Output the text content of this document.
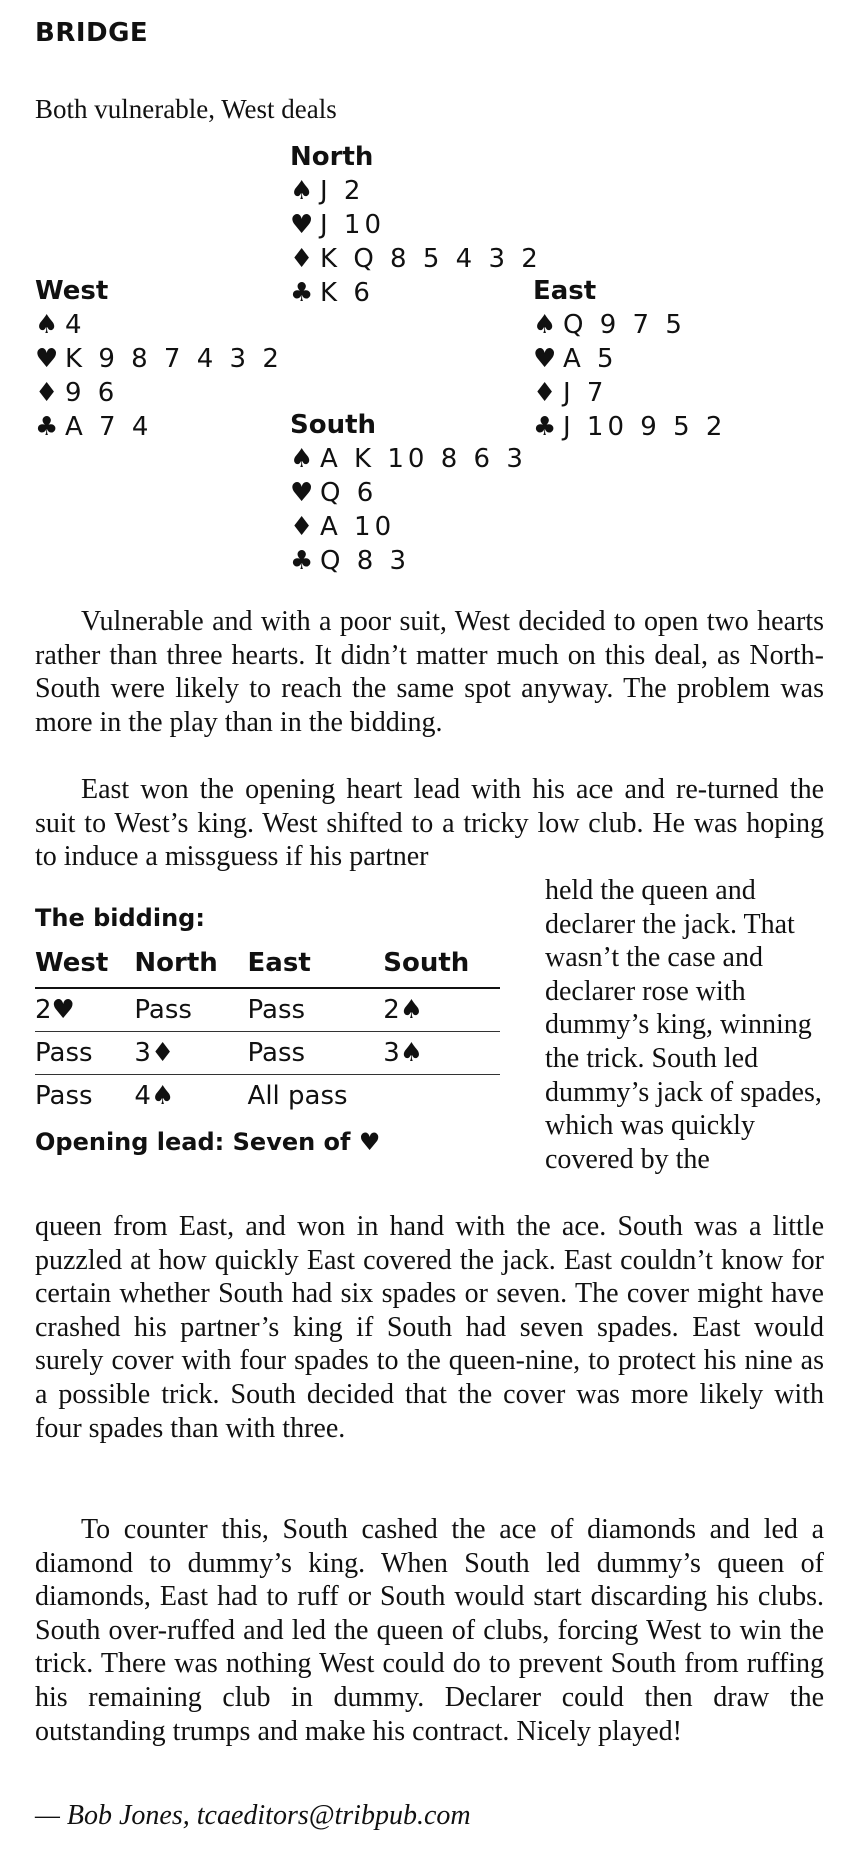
BRIDGE
Both vulnerable, West deals
North
♠ J 2
♥ J 10
♦ K Q 8 5 4 3 2
♣ K 6
West
♠ 4
♥ K 9 8 7 4 3 2
♦ 9 6
♣ A 7 4
East
♠ Q 9 7 5
♥ A 5
♦ J 7
♣ J 10 9 5 2
South
♠ A K 10 8 6 3
♥ Q 6
♦ A 10
♣ Q 8 3

Vulnerable and with a poor suit, West decided to open two hearts rather than three hearts. It didn’t matter much on this deal, as North-South were likely to reach the same spot anyway. The problem was more in the play than in the bidding.

East won the opening heart lead with his ace and re-turned the suit to West’s king. West shifted to a tricky low club. He was hoping to induce a missguess if his partner

held the queen and declarer the jack. That wasn’t the case and declarer rose with dummy’s king, winning the trick. South led dummy’s jack of spades, which was quickly covered by the

queen from East, and won in hand with the ace. South was a little puzzled at how quickly East covered the jack. East couldn’t know for certain whether South had six spades or seven. The cover might have crashed his partner’s king if South had seven spades. East would surely cover with four spades to the queen-nine, to protect his nine as a possible trick. South decided that the cover was more likely with four spades than with three.

To counter this, South cashed the ace of diamonds and led a diamond to dummy’s king. When South led dummy’s queen of diamonds, East had to ruff or South would start discarding his clubs. South over-ruffed and led the queen of clubs, forcing West to win the trick. There was nothing West could do to prevent South from ruffing his remaining club in dummy. Declarer could then draw the outstanding trumps and make his contract. Nicely played!

The bidding:
West	North	East	South
2♥	Pass	Pass	2♠
Pass	3♦	Pass	3♠
Pass	4♠	All pass	
Opening lead: Seven of ♥
— Bob Jones, tcaeditors@tribpub.com
